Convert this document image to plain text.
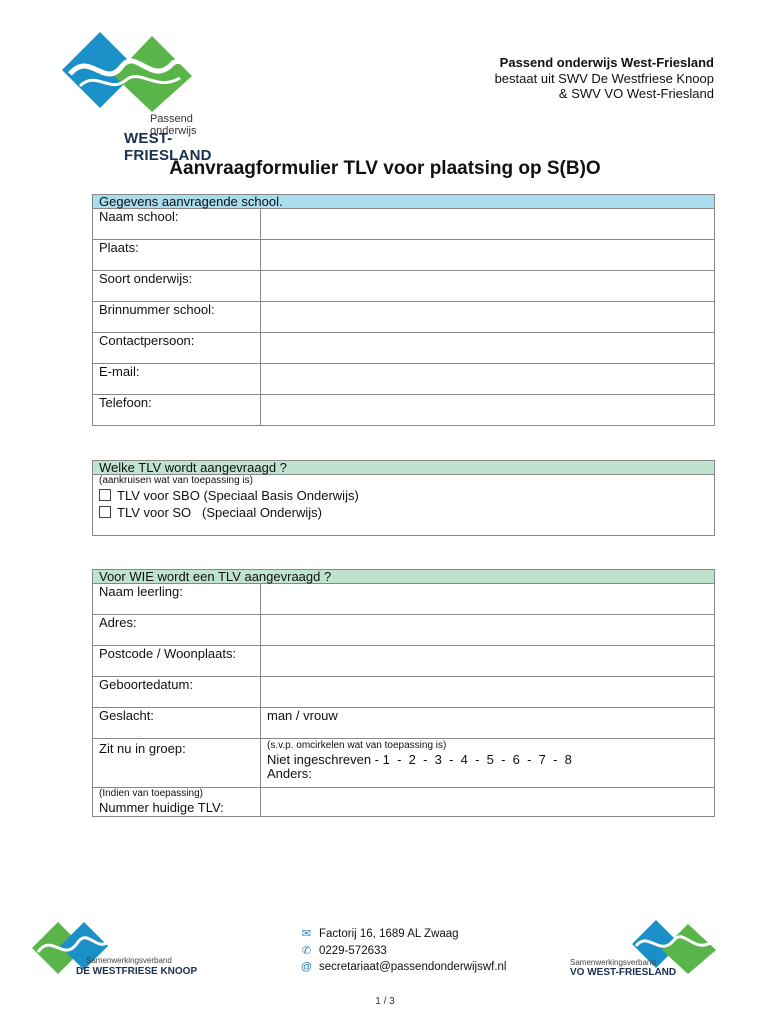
Passend onderwijs
WEST-FRIESLAND
Passend onderwijs West-Friesland
bestaat uit SWV De Westfriese Knoop
& SWV VO West-Friesland
Aanvraagformulier TLV voor plaatsing op S(B)O
Gegevens aanvragende school.	
Naam school:	
Plaats:	
Soort onderwijs:	
Brinnummer school:	
Contactpersoon:	
E-mail:	
Telefoon:	
Welke TLV wordt aangevraagd ?

(aankruisen wat van toepassing is)
TLV voor SBO (Speciaal Basis Onderwijs)
TLV voor SO   (Speciaal Onderwijs)
Voor WIE wordt een TLV aangevraagd ?	
Naam leerling:	
Adres:	
Postcode / Woonplaats:	
Geboortedatum:	
Geslacht:	man / vrouw
Zit nu in groep:	(s.v.p. omcirkelen wat van toepassing is)
Niet ingeschreven - 1  -  2  -  3  -  4  -  5  -  6  -  7  -  8
Anders:

(Indien van toepassing)
Nummer huidige TLV:	

Samenwerkingsverband
DE WESTFRIESE KNOOP
✉ Factorij 16, 1689 AL Zwaag
✆ 0229-572633
@ secretariaat@passendonderwijswf.nl	Samenwerkingsverband
VO WEST-FRIESLAND
1 / 3
